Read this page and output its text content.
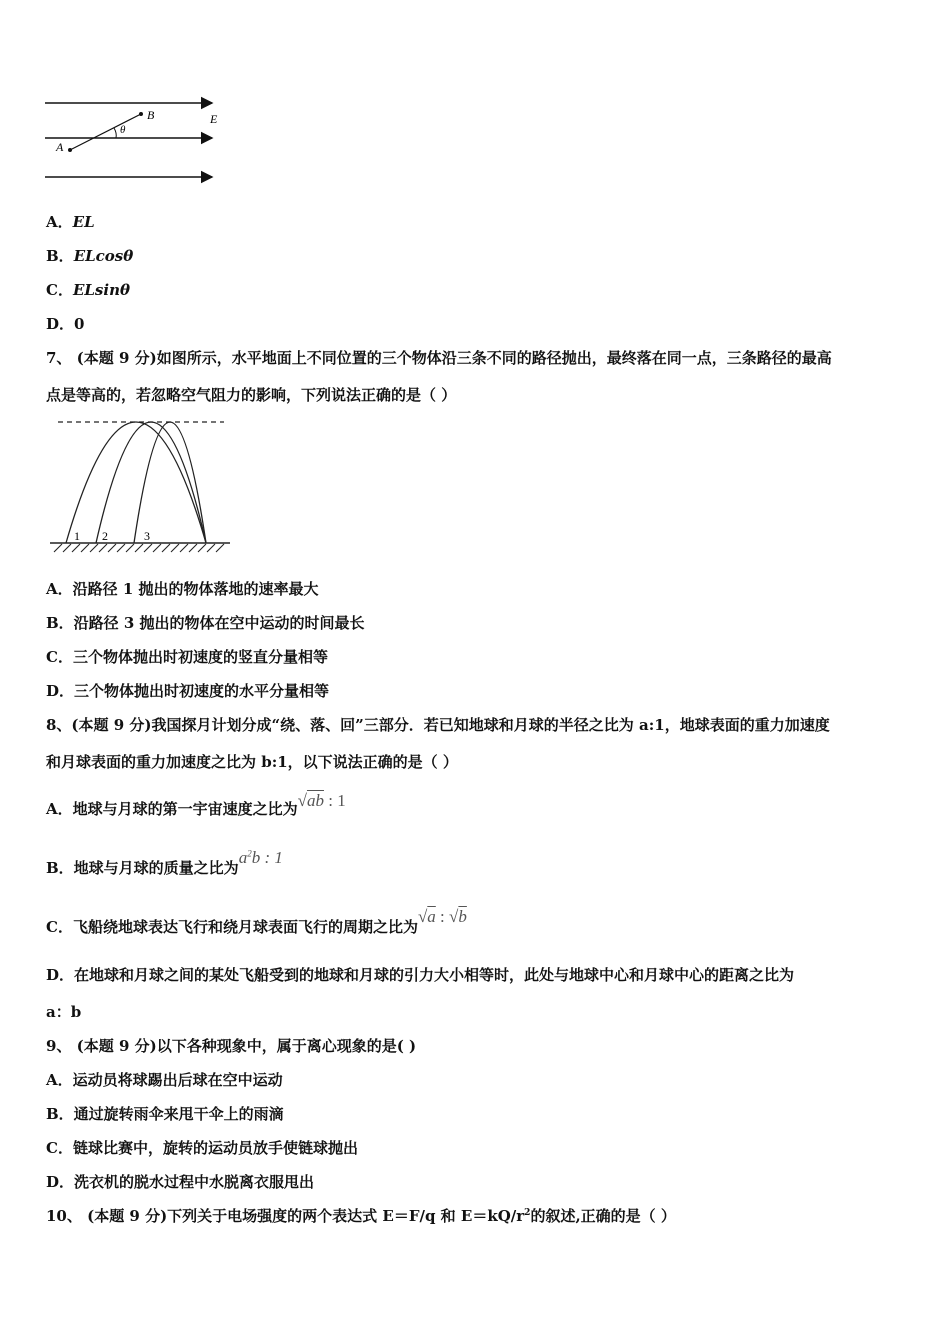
B
A
θ
E
A．EL
B．ELcosθ
C．ELsinθ
D．0
7、 (本题 9 分)如图所示，水平地面上不同位置的三个物体沿三条不同的路径抛出，最终落在同一点，三条路径的最高
点是等高的，若忽略空气阻力的影响，下列说法正确的是（ ）
1 2	3
A．沿路径 1 抛出的物体落地的速率最大
B．沿路径 3 抛出的物体在空中运动的时间最长
C．三个物体抛出时初速度的竖直分量相等
D．三个物体抛出时初速度的水平分量相等
8、(本题 9 分)我国探月计划分成“绕、落、回”三部分．若已知地球和月球的半径之比为 a:1，地球表面的重力加速度
和月球表面的重力加速度之比为 b:1，以下说法正确的是（ ）
A．地球与月球的第一宇宙速度之比为√ab : 1
B．地球与月球的质量之比为$a^2b$ : 1
C．飞船绕地球表达飞行和绕月球表面飞行的周期之比为√a : √b
D．在地球和月球之间的某处飞船受到的地球和月球的引力大小相等时，此处与地球中心和月球中心的距离之比为
a：b
9、 (本题 9 分)以下各种现象中，属于离心现象的是( )
A．运动员将球踢出后球在空中运动
B．通过旋转雨伞来甩干伞上的雨滴
C．链球比赛中，旋转的运动员放手使链球抛出
D．洗衣机的脱水过程中水脱离衣服甩出
10、 (本题 9 分)下列关于电场强度的两个表达式 E＝F/q 和 $E=kQ/r^2$的叙述,正确的是（ ）
